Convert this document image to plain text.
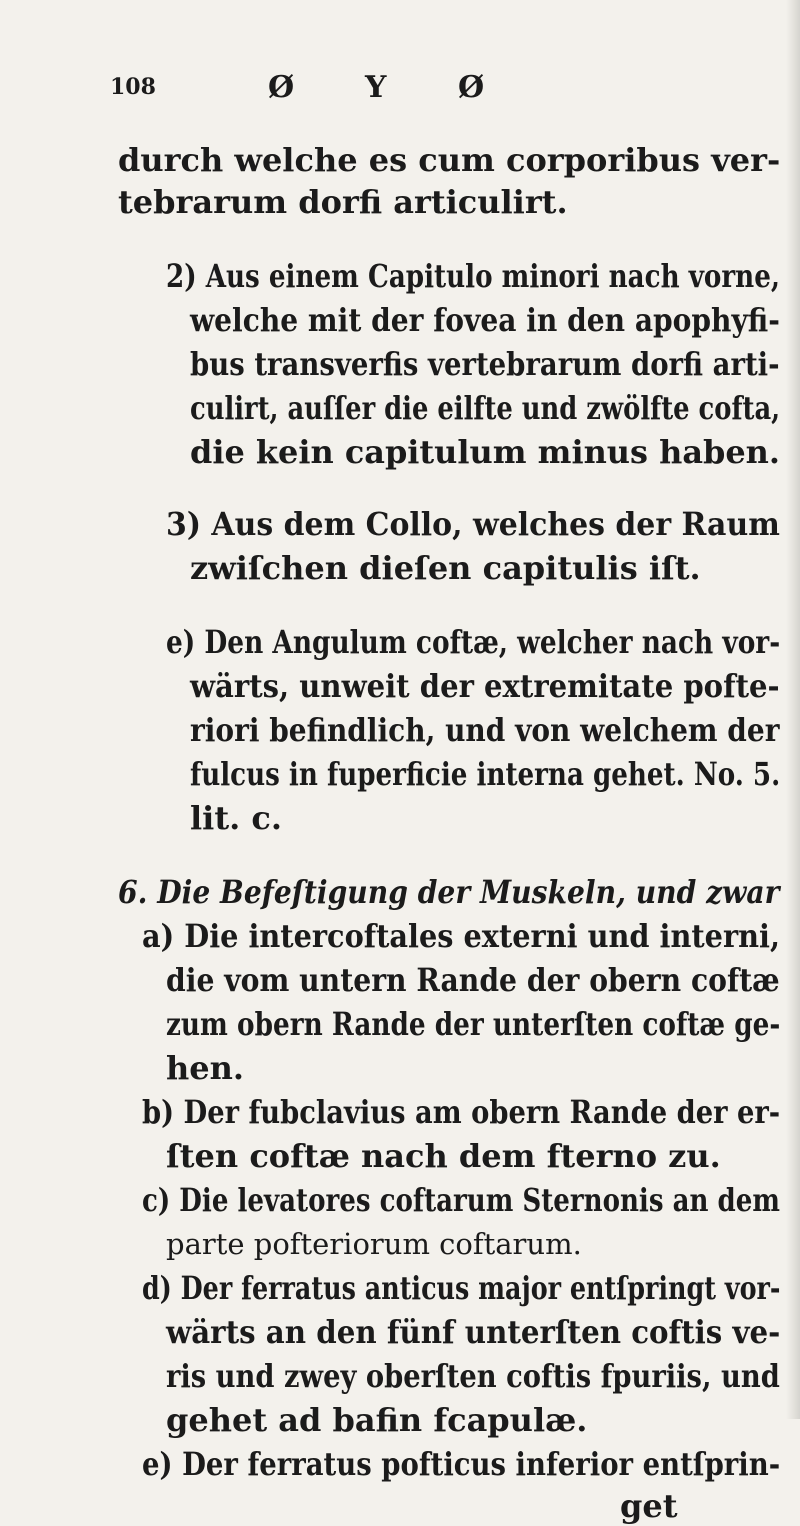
108	Ø Y Ø
durch welche es cum corporibus ver-
tebrarum dorfi articulirt.
2) Aus einem Capitulo minori nach vorne,
welche mit der fovea in den apophyfi-
bus transverfis vertebrarum dorfi arti-
culirt, auſſer die eilfte und zwölfte cofta,
die kein capitulum minus haben.
3) Aus dem Collo, welches der Raum
zwiſchen dieſen capitulis iſt.
e) Den Angulum coftæ, welcher nach vor-
wärts, unweit der extremitate pofte-
riori befindlich, und von welchem der
fulcus in fuperficie interna gehet. No. 5.
lit. c.
6. Die Befeſtigung der Muskeln, und zwar
a) Die intercoftales externi und interni,
die vom untern Rande der obern coftæ
zum obern Rande der unterſten coftæ ge-
hen.
b) Der fubclavius am obern Rande der er-
ſten coftæ nach dem fterno zu.
c) Die levatores coftarum Sternonis an dem
parte pofteriorum coftarum.
d) Der ferratus anticus major entſpringt vor-
wärts an den fünf unterſten coftis ve-
ris und zwey oberſten coftis fpuriis, und
gehet ad bafin fcapulæ.
e) Der ferratus pofticus inferior entſprin-
get
